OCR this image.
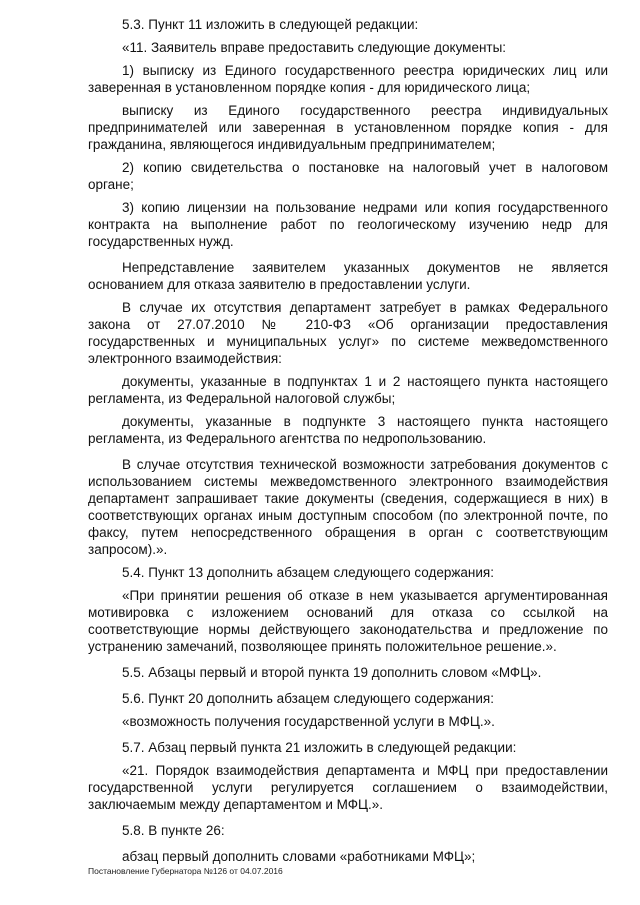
5.3. Пункт 11 изложить в следующей редакции:

«11. Заявитель вправе предоставить следующие документы:

1) выписку из Единого государственного реестра юридических лиц или заверенная в установленном порядке копия - для юридического лица;

выписку из Единого государственного реестра индивидуальных предпринимателей или заверенная в установленном порядке копия - для гражданина, являющегося индивидуальным предпринимателем;

2) копию свидетельства о постановке на налоговый учет в налоговом органе;

3) копию лицензии на пользование недрами или копия государственного контракта на выполнение работ по геологическому изучению недр для государственных нужд.

Непредставление заявителем указанных документов не является основанием для отказа заявителю в предоставлении услуги.

В случае их отсутствия департамент затребует в рамках Федерального закона от 27.07.2010 № 210-ФЗ «Об организации предоставления государственных и муниципальных услуг» по системе межведомственного электронного взаимодействия:

документы, указанные в подпунктах 1 и 2 настоящего пункта настоящего регламента, из Федеральной налоговой службы;

документы, указанные в подпункте 3 настоящего пункта настоящего регламента, из Федерального агентства по недропользованию.

В случае отсутствия технической возможности затребования документов с использованием системы межведомственного электронного взаимодействия департамент запрашивает такие документы (сведения, содержащиеся в них) в соответствующих органах иным доступным способом (по электронной почте, по факсу, путем непосредственного обращения в орган с соответствующим запросом).».

5.4. Пункт 13 дополнить абзацем следующего содержания:

«При принятии решения об отказе в нем указывается аргументированная мотивировка с изложением оснований для отказа со ссылкой на соответствующие нормы действующего законодательства и предложение по устранению замечаний, позволяющее принять положительное решение.».

5.5. Абзацы первый и второй пункта 19 дополнить словом «МФЦ».

5.6. Пункт 20 дополнить абзацем следующего содержания:

«возможность получения государственной услуги в МФЦ.».

5.7. Абзац первый пункта 21 изложить в следующей редакции:

«21. Порядок взаимодействия департамента и МФЦ при предоставлении государственной услуги регулируется соглашением о взаимодействии, заключаемым между департаментом и МФЦ.».

5.8. В пункте 26:

абзац первый дополнить словами «работниками МФЦ»;

Постановление Губернатора №126 от 04.07.2016
